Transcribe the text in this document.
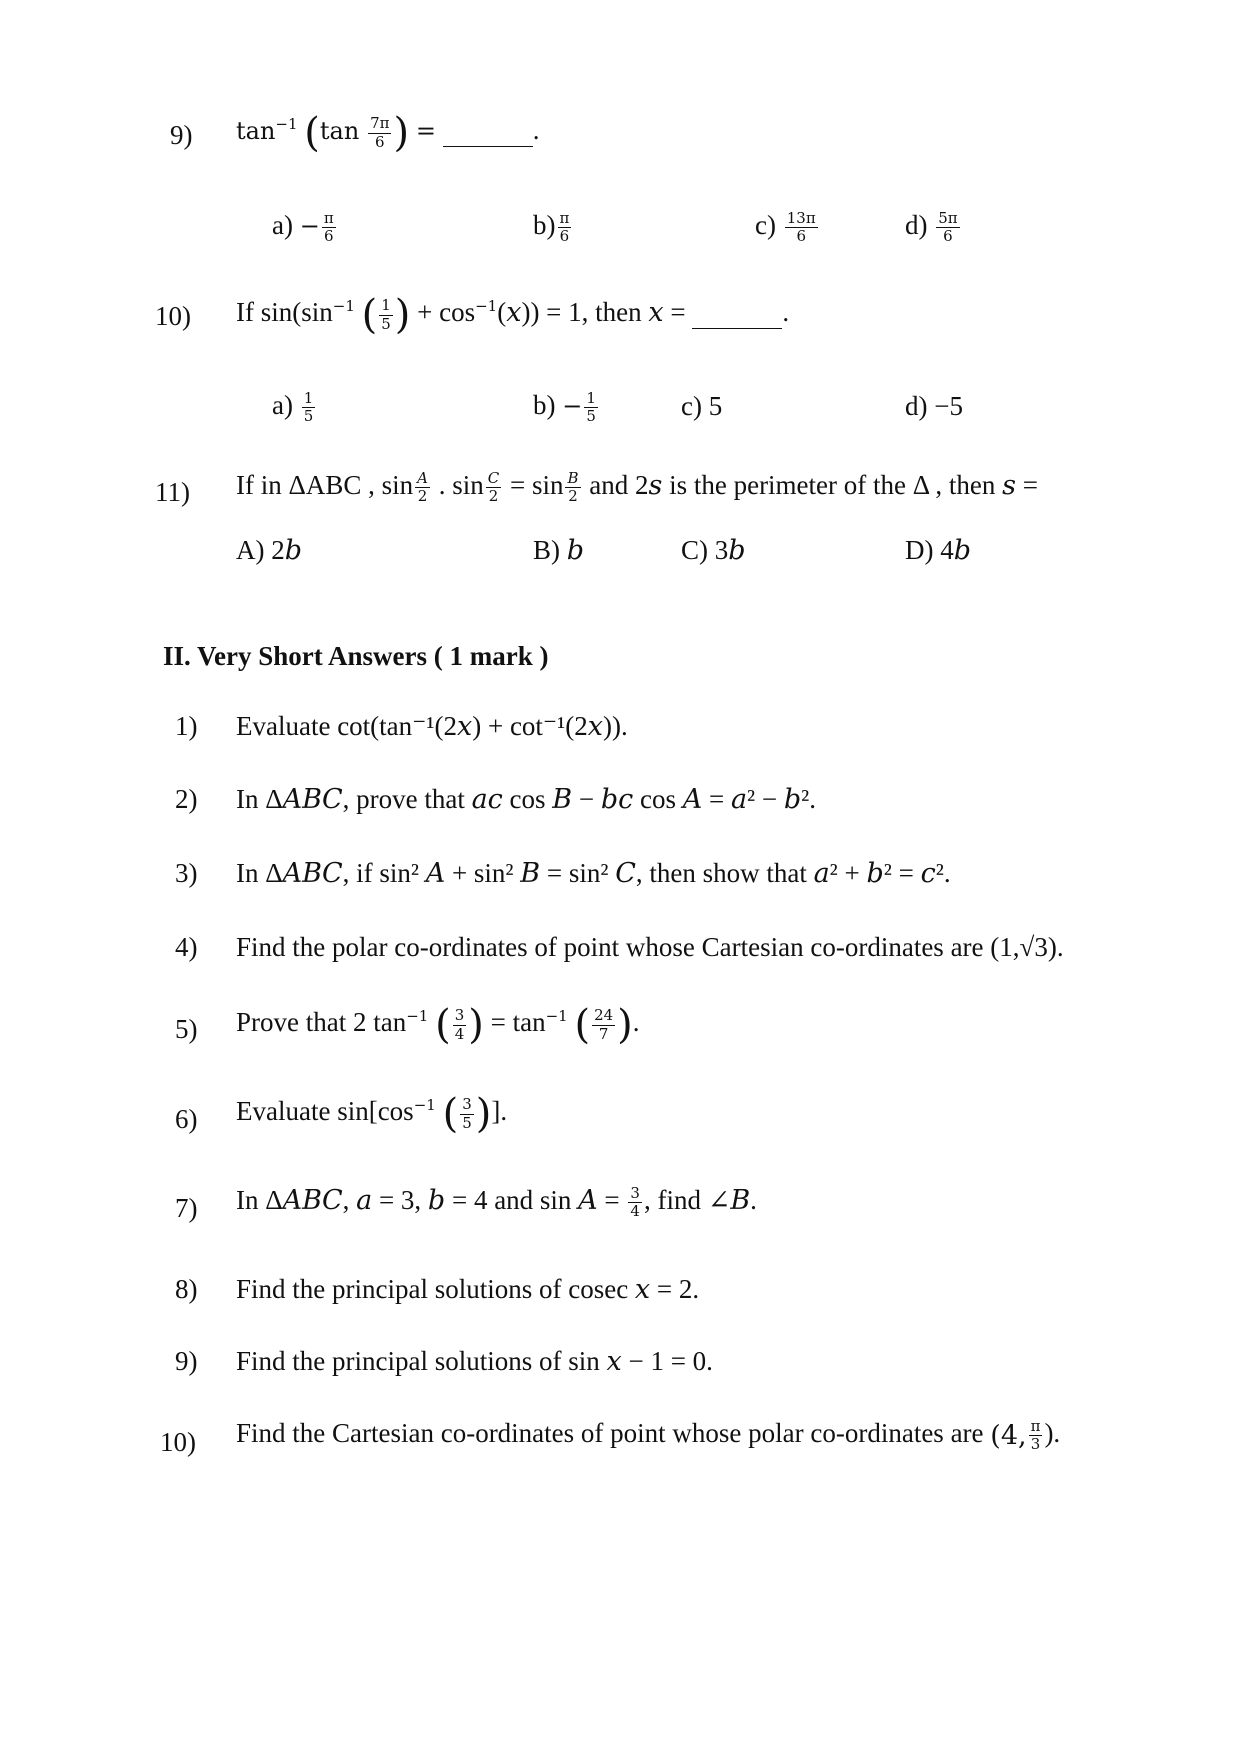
9) $\tan^{-1} (\tan \frac{7\pi}{6}$ ) =	.
$a) - \frac{\pi}{6}$	$b) \frac{\pi}{6}$	$c) \frac{13\pi}{6}$	$d) \frac{5\pi}{6}$
10) If $\sin(\sin^{-1}$ ( $\frac{1}{5}$ ) + $\cos^{-1}(𝑥)) = 1$, then 𝑥 =	.
$a) \frac{1}{5}$	$b) - \frac{1}{5}$	c) 5	d) −5
11) If in ΔABC , $\sin \frac{A}{2}$ . $\sin \frac{C}{2} = \sin \frac{B}{2}$ and 2𝑠 is the perimeter of the Δ , then 𝑠 =
A) 2𝑏	B) 𝑏	C) 3𝑏	D) 4𝑏
II. Very Short Answers ( 1 mark )
1) Evaluate cot(tan⁻¹(2𝑥) + cot⁻¹(2𝑥)).
2) In Δ𝐴𝐵𝐶, prove that 𝑎𝑐 cos 𝐵 − 𝑏𝑐 cos 𝐴 = 𝑎² − 𝑏².
3) In Δ𝐴𝐵𝐶, if sin² 𝐴 + sin² 𝐵 = sin² 𝐶, then show that 𝑎² + 𝑏² = 𝑐².
4) Find the polar co-ordinates of point whose Cartesian co-ordinates are (1,√3).
5) Prove that 2 $\tan^{-1}$ ( $\frac{3}{4}$ ) = $\tan^{-1}$ ( $\frac{24}{7}$ ).
6) Evaluate $\sin[\cos^{-1}$ ( $\frac{3}{5}$ )].
7) In Δ𝐴𝐵𝐶, 𝑎 = 3, 𝑏 = 4 and sin 𝐴 = $\frac{3}{4}$ , find ∠𝐵.
8) Find the principal solutions of cosec 𝑥 = 2.
9) Find the principal solutions of sin 𝑥 − 1 = 0.
10) Find the Cartesian co-ordinates of point whose polar co-ordinates are (4, $\frac{\pi}{3}$ ).
